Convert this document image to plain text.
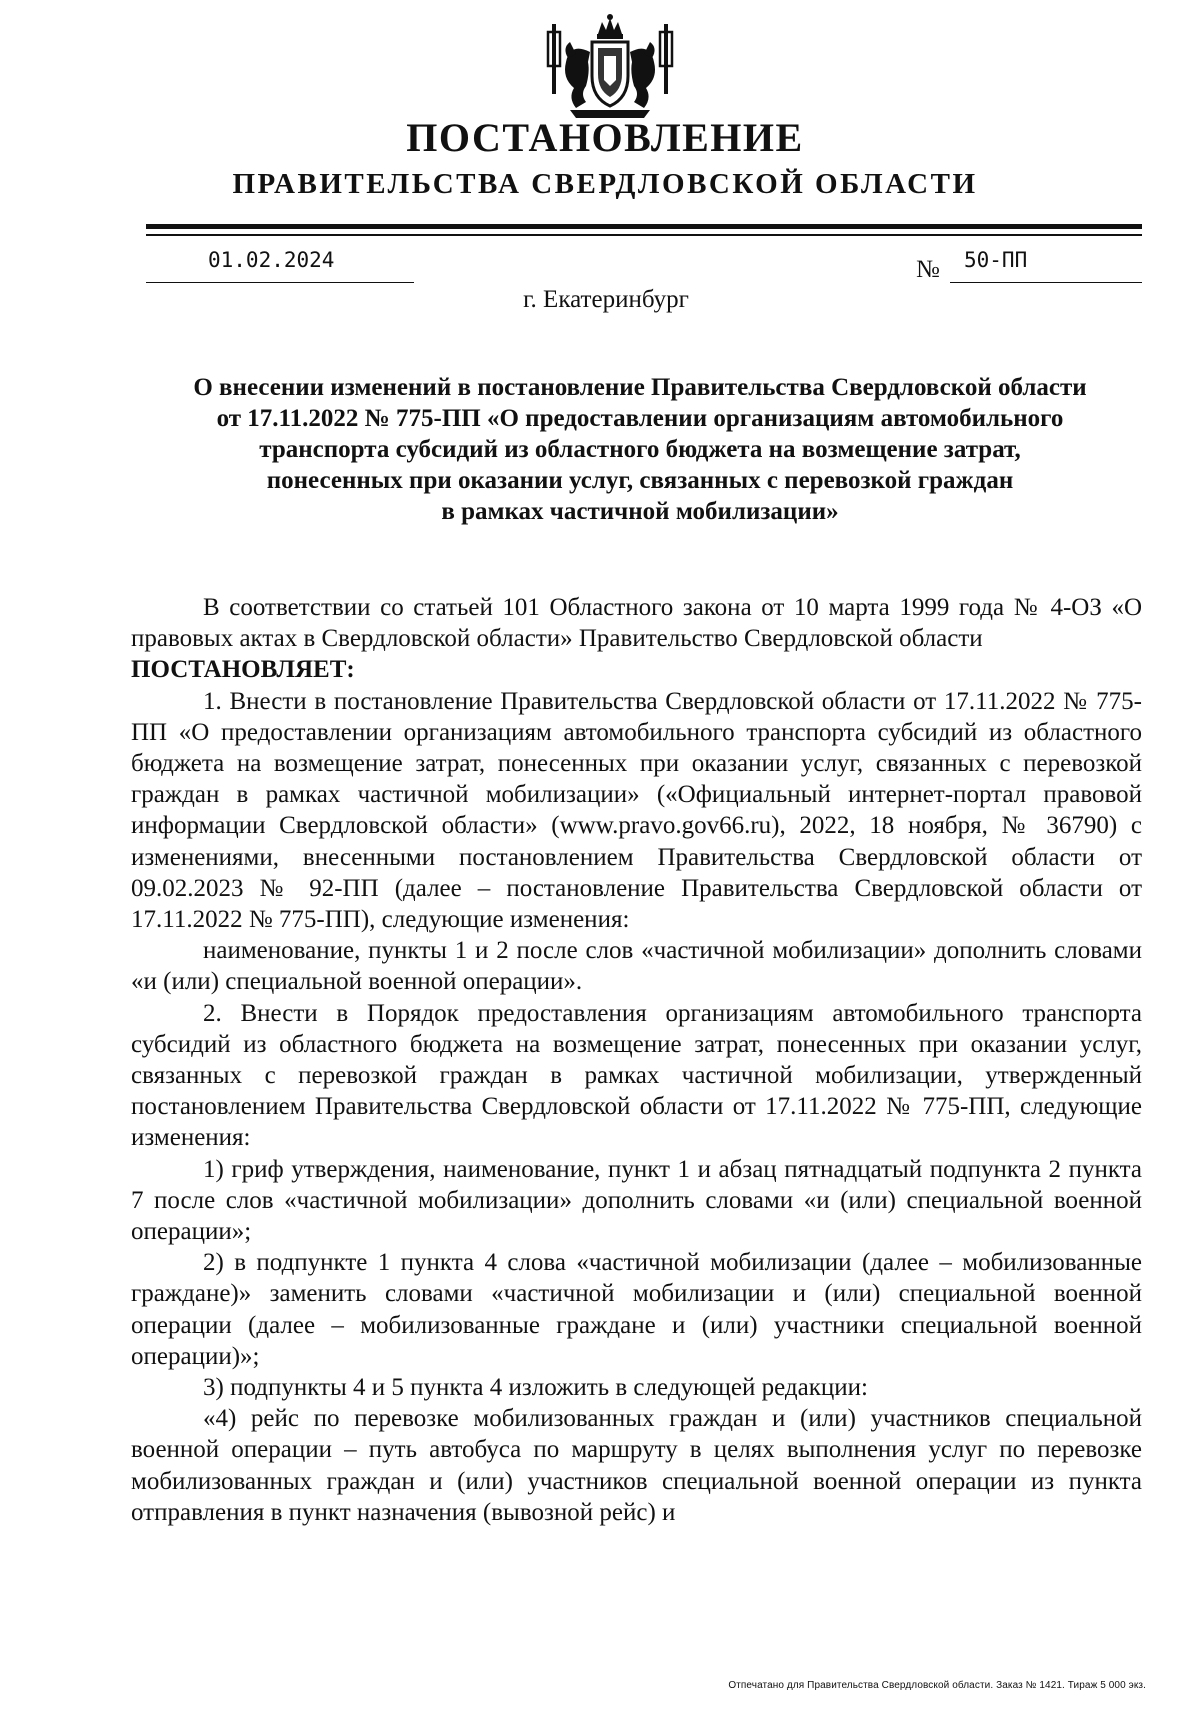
ПОСТАНОВЛЕНИЕ
ПРАВИТЕЛЬСТВА СВЕРДЛОВСКОЙ ОБЛАСТИ
01.02.2024	№ 50-ПП
г. Екатеринбург
О внесении изменений в постановление Правительства Свердловской области
от 17.11.2022 № 775-ПП «О предоставлении организациям автомобильного
транспорта субсидий из областного бюджета на возмещение затрат,
понесенных при оказании услуг, связанных с перевозкой граждан
в рамках частичной мобилизации»

В соответствии со статьей 101 Областного закона от 10 марта 1999 года № 4-ОЗ «О правовых актах в Свердловской области» Правительство Свердловской области

ПОСТАНОВЛЯЕТ:

1. Внести в постановление Правительства Свердловской области от 17.11.2022 № 775-ПП «О предоставлении организациям автомобильного транспорта субсидий из областного бюджета на возмещение затрат, понесенных при оказании услуг, связанных с перевозкой граждан в рамках частичной мобилизации» («Официальный интернет-портал правовой информации Свердловской области» (www.pravo.gov66.ru), 2022, 18 ноября, № 36790) с изменениями, внесенными постановлением Правительства Свердловской области от 09.02.2023 № 92-ПП (далее – постановление Правительства Свердловской области от 17.11.2022 № 775-ПП), следующие изменения:

наименование, пункты 1 и 2 после слов «частичной мобилизации» дополнить словами «и (или) специальной военной операции».

2. Внести в Порядок предоставления организациям автомобильного транспорта субсидий из областного бюджета на возмещение затрат, понесенных при оказании услуг, связанных с перевозкой граждан в рамках частичной мобилизации, утвержденный постановлением Правительства Свердловской области от 17.11.2022 № 775-ПП, следующие изменения:

1) гриф утверждения, наименование, пункт 1 и абзац пятнадцатый подпункта 2 пункта 7 после слов «частичной мобилизации» дополнить словами «и (или) специальной военной операции»;

2) в подпункте 1 пункта 4 слова «частичной мобилизации (далее – мобилизованные граждане)» заменить словами «частичной мобилизации и (или) специальной военной операции (далее – мобилизованные граждане и (или) участники специальной военной операции)»;

3) подпункты 4 и 5 пункта 4 изложить в следующей редакции:

«4) рейс по перевозке мобилизованных граждан и (или) участников специальной военной операции – путь автобуса по маршруту в целях выполнения услуг по перевозке мобилизованных граждан и (или) участников специальной военной операции из пункта отправления в пункт назначения (вывозной рейс) и

Отпечатано для Правительства Свердловской области. Заказ № 1421. Тираж 5 000 экз.
